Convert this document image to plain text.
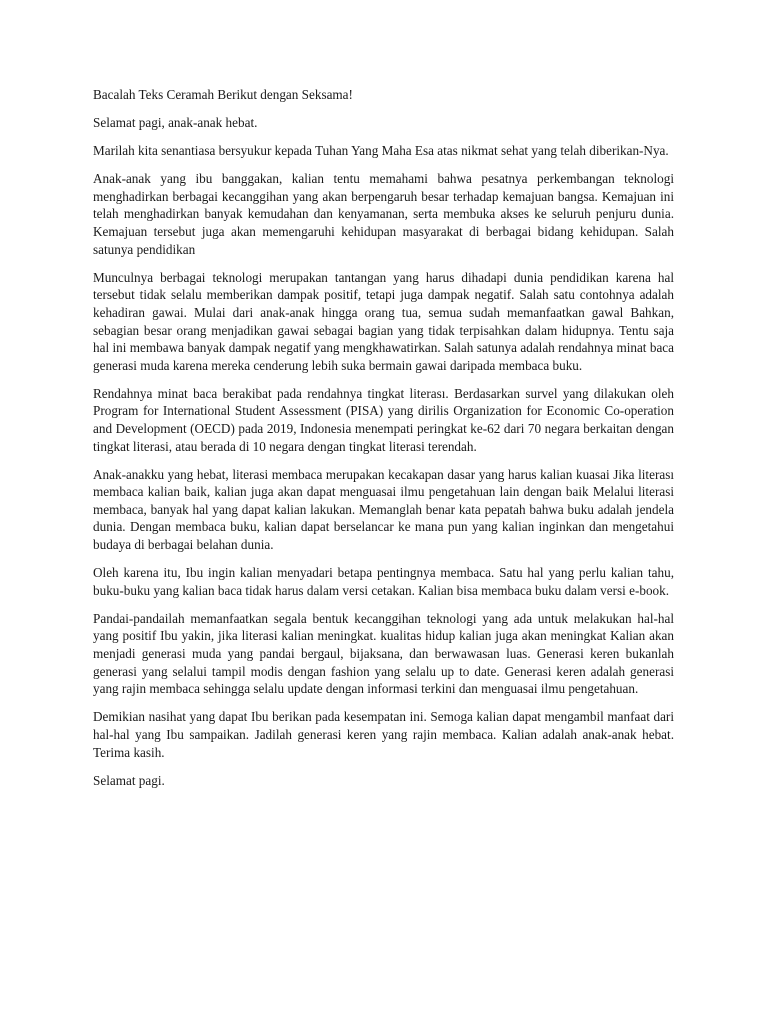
Bacalah Teks Ceramah Berikut dengan Seksama!

Selamat pagi, anak-anak hebat.

Marilah kita senantiasa bersyukur kepada Tuhan Yang Maha Esa atas nikmat sehat yang telah diberikan-Nya.

Anak-anak yang ibu banggakan, kalian tentu memahami bahwa pesatnya perkembangan teknologi menghadirkan berbagai kecanggihan yang akan berpengaruh besar terhadap kemajuan bangsa. Kemajuan ini telah menghadirkan banyak kemudahan dan kenyamanan, serta membuka akses ke seluruh penjuru dunia. Kemajuan tersebut juga akan memengaruhi kehidupan masyarakat di berbagai bidang kehidupan. Salah satunya pendidikan

Munculnya berbagai teknologi merupakan tantangan yang harus dihadapi dunia pendidikan karena hal tersebut tidak selalu memberikan dampak positif, tetapi juga dampak negatif. Salah satu contohnya adalah kehadiran gawai. Mulai dari anak-anak hingga orang tua, semua sudah memanfaatkan gawal Bahkan, sebagian besar orang menjadikan gawai sebagai bagian yang tidak terpisahkan dalam hidupnya. Tentu saja hal ini membawa banyak dampak negatif yang mengkhawatirkan. Salah satunya adalah rendahnya minat baca generasi muda karena mereka cenderung lebih suka bermain gawai daripada membaca buku.

Rendahnya minat baca berakibat pada rendahnya tingkat literası. Berdasarkan survel yang dilakukan oleh Program for International Student Assessment (PISA) yang dirilis Organization for Economic Co-operation and Development (OECD) pada 2019, Indonesia menempati peringkat ke-62 dari 70 negara berkaitan dengan tingkat literasi, atau berada di 10 negara dengan tingkat literasi terendah.

Anak-anakku yang hebat, literasi membaca merupakan kecakapan dasar yang harus kalian kuasai Jika literası membaca kalian baik, kalian juga akan dapat menguasai ilmu pengetahuan lain dengan baik Melalui literasi membaca, banyak hal yang dapat kalian lakukan. Memanglah benar kata pepatah bahwa buku adalah jendela dunia. Dengan membaca buku, kalian dapat berselancar ke mana pun yang kalian inginkan dan mengetahui budaya di berbagai belahan dunia.

Oleh karena itu, Ibu ingin kalian menyadari betapa pentingnya membaca. Satu hal yang perlu kalian tahu, buku-buku yang kalian baca tidak harus dalam versi cetakan. Kalian bisa membaca buku dalam versi e-book.

Pandai-pandailah memanfaatkan segala bentuk kecanggihan teknologi yang ada untuk melakukan hal-hal yang positif Ibu yakin, jika literasi kalian meningkat. kualitas hidup kalian juga akan meningkat Kalian akan menjadi generasi muda yang pandai bergaul, bijaksana, dan berwawasan luas. Generasi keren bukanlah generasi yang selalui tampil modis dengan fashion yang selalu up to date. Generasi keren adalah generasi yang rajin membaca sehingga selalu update dengan informasi terkini dan menguasai ilmu pengetahuan.

Demikian nasihat yang dapat Ibu berikan pada kesempatan ini. Semoga kalian dapat mengambil manfaat dari hal-hal yang Ibu sampaikan. Jadilah generasi keren yang rajin membaca. Kalian adalah anak-anak hebat. Terima kasih.

Selamat pagi.
